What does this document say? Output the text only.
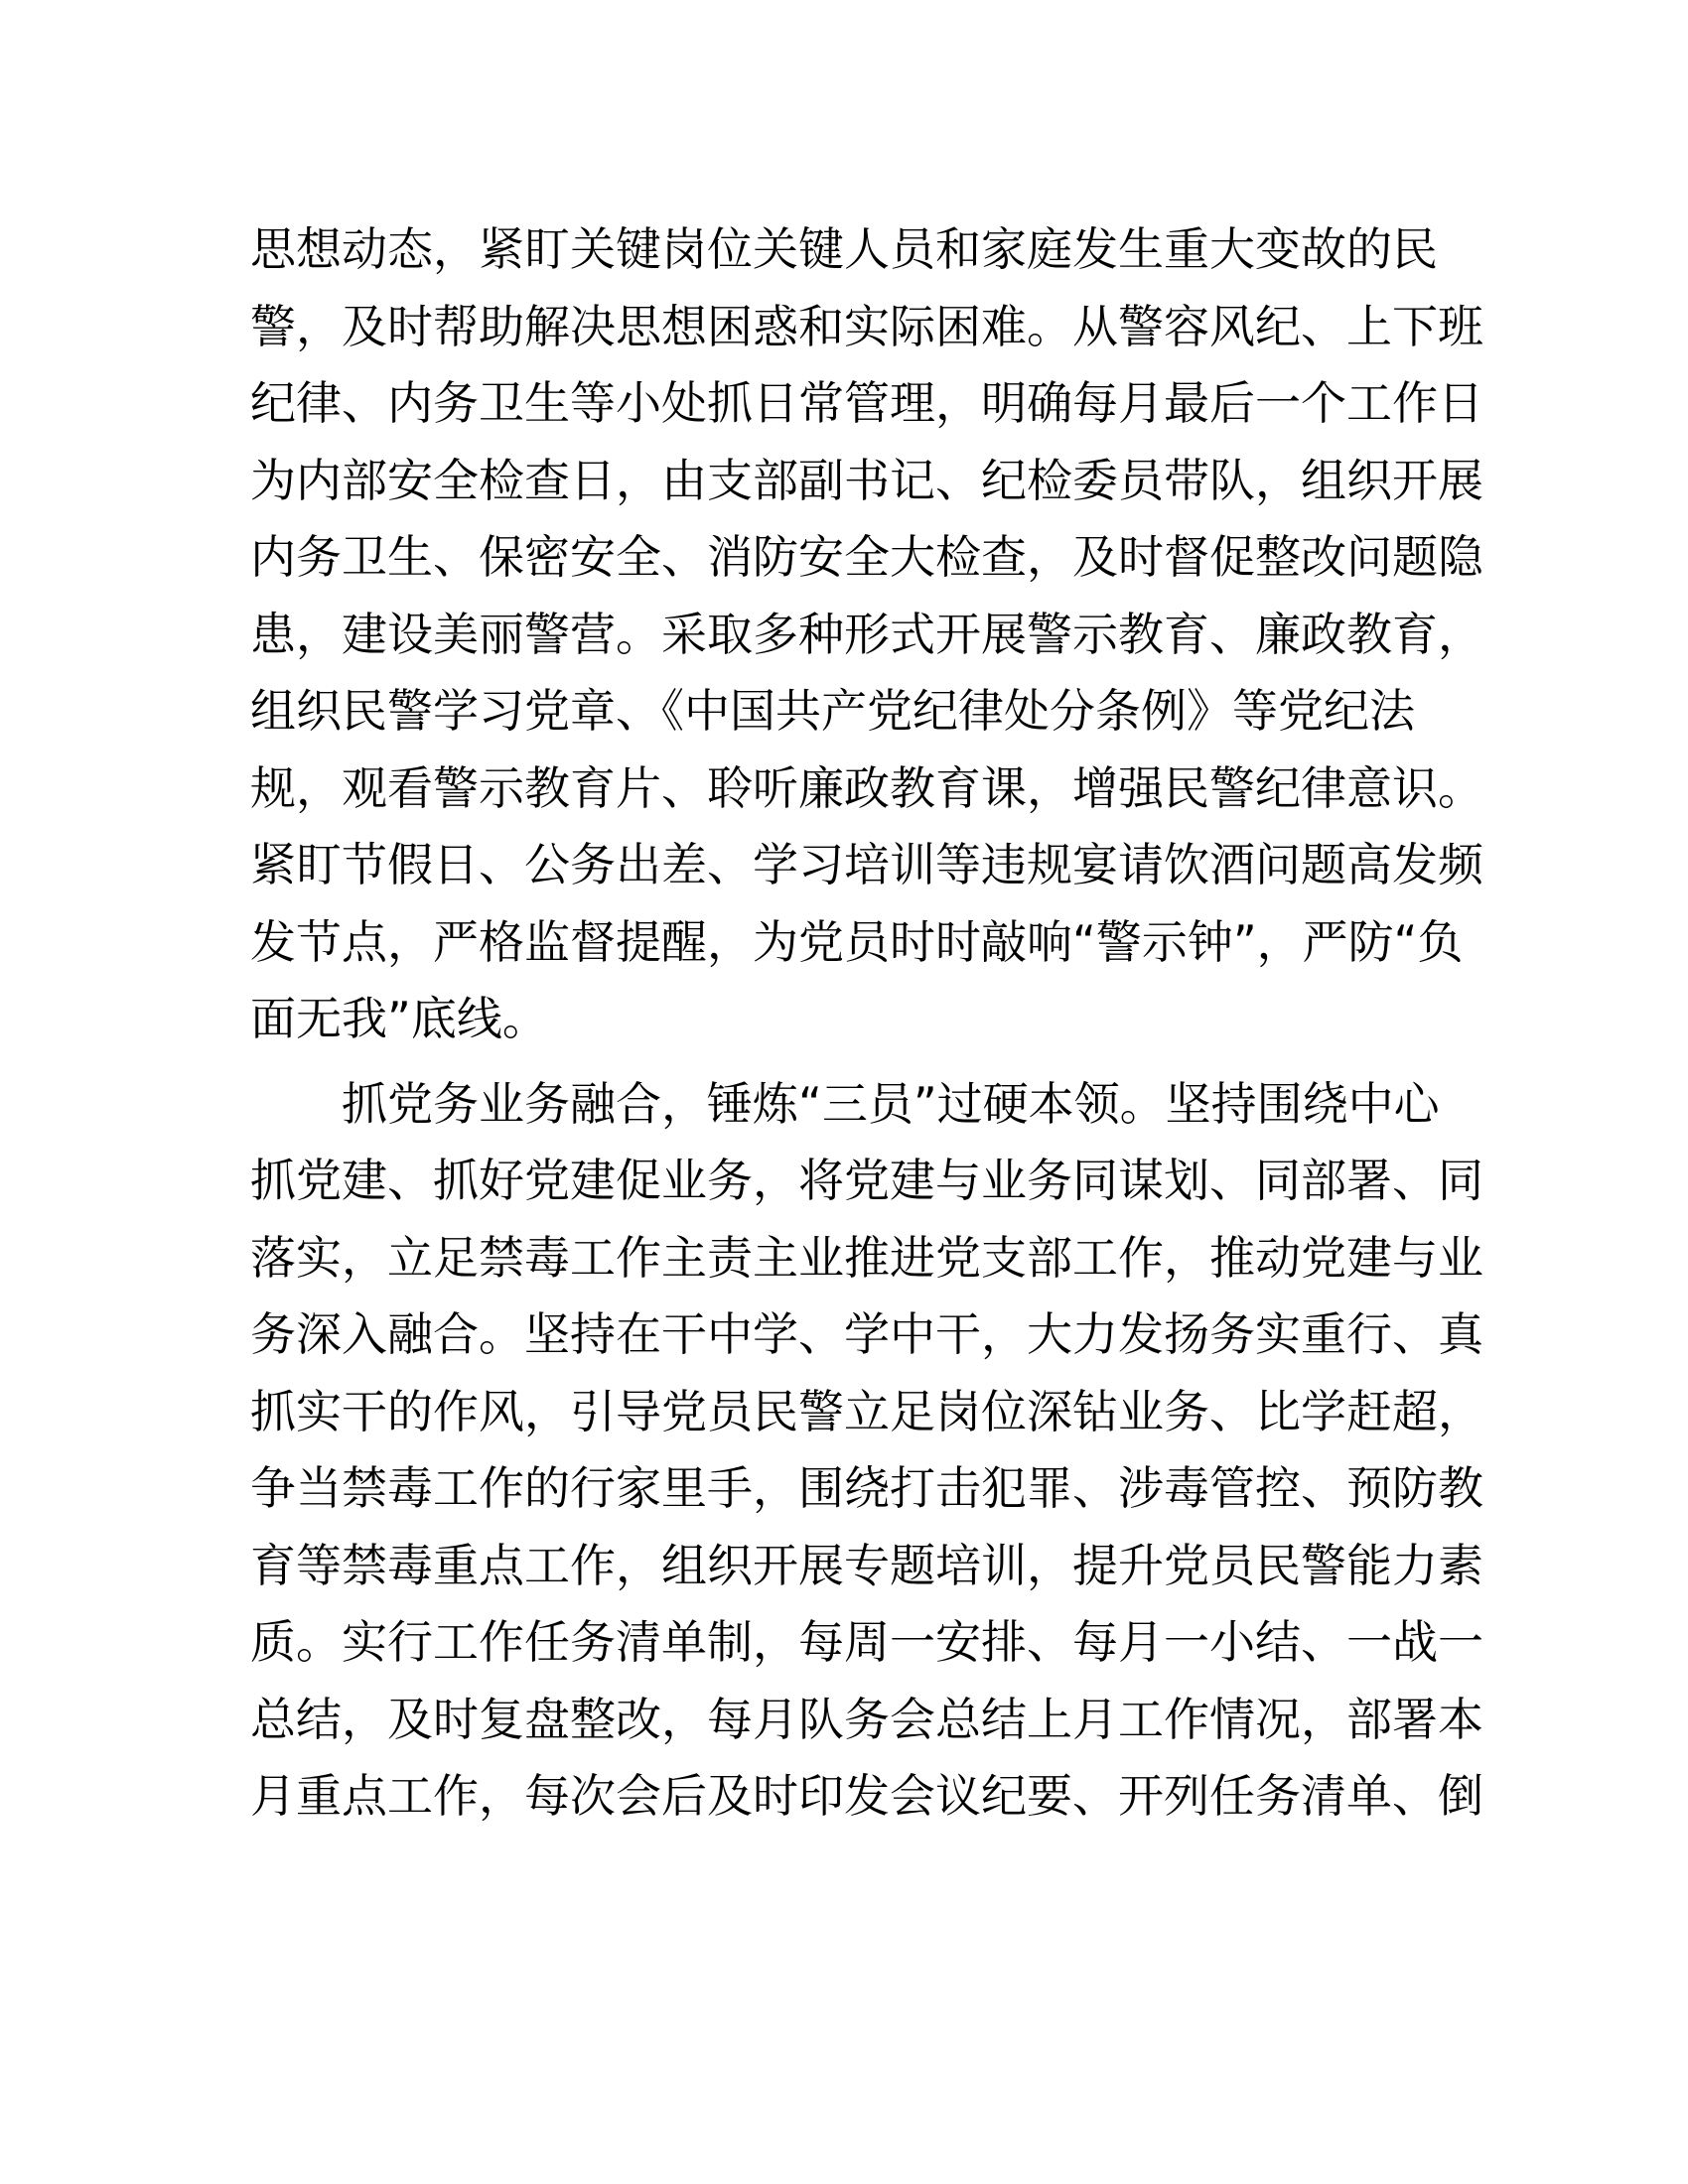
思想动态，紧盯关键岗位关键人员和家庭发生重大变故的民
警，及时帮助解决思想困惑和实际困难。从警容风纪、上下班
纪律、内务卫生等小处抓日常管理，明确每月最后一个工作日
为内部安全检查日，由支部副书记、纪检委员带队，组织开展
内务卫生、保密安全、消防安全大检查，及时督促整改问题隐
患，建设美丽警营。采取多种形式开展警示教育、廉政教育，
组织民警学习党章、《中国共产党纪律处分条例》等党纪法
规，观看警示教育片、聆听廉政教育课，增强民警纪律意识。
紧盯节假日、公务出差、学习培训等违规宴请饮酒问题高发频
发节点，严格监督提醒，为党员时时敲响“警示钟”，严防“负
面无我”底线。
　　抓党务业务融合，锤炼“三员”过硬本领。坚持围绕中心
抓党建、抓好党建促业务，将党建与业务同谋划、同部署、同
落实，立足禁毒工作主责主业推进党支部工作，推动党建与业
务深入融合。坚持在干中学、学中干，大力发扬务实重行、真
抓实干的作风，引导党员民警立足岗位深钻业务、比学赶超，
争当禁毒工作的行家里手，围绕打击犯罪、涉毒管控、预防教
育等禁毒重点工作，组织开展专题培训，提升党员民警能力素
质。实行工作任务清单制，每周一安排、每月一小结、一战一
总结，及时复盘整改，每月队务会总结上月工作情况，部署本
月重点工作，每次会后及时印发会议纪要、开列任务清单、倒
